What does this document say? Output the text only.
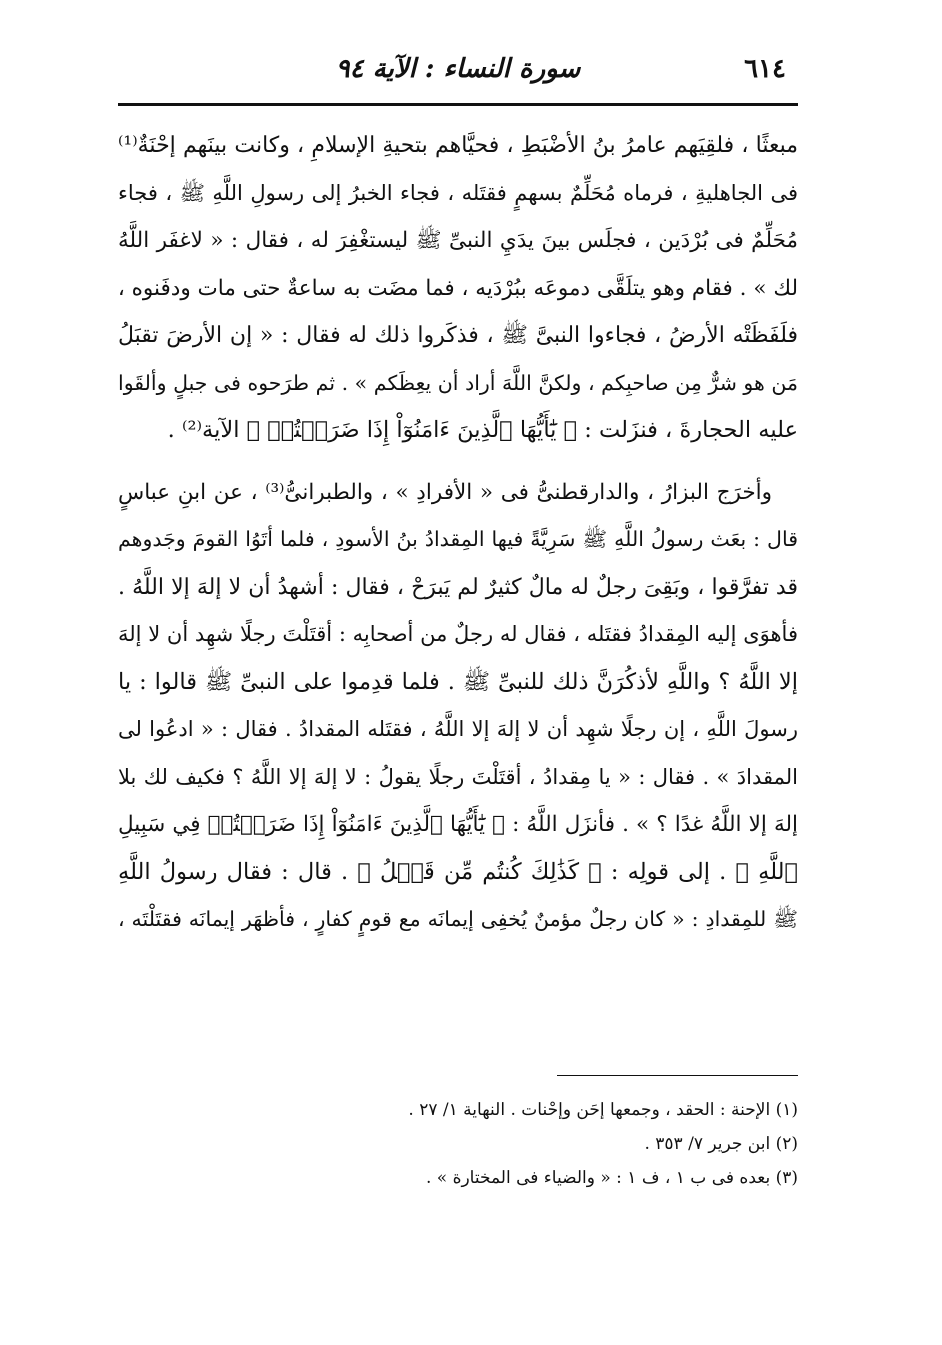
٦١٤
سورة النساء : الآية ٩٤
مبعثًا ، فلقِيَهم عامرُ بنُ الأضْبَطِ ، فحيَّاهم بتحيةِ الإسلامِ ، وكانت بينَهم إحْنَةٌ⁽¹⁾
فى الجاهليةِ ، فرماه مُحَلِّمٌ بسهمٍ فقتَله ، فجاء الخبرُ إلى رسولِ اللَّهِ ﷺ ، فجاء
مُحَلِّمٌ فى بُرْدَين ، فجلَس بينَ يدَيِ النبىِّ ﷺ ليستغْفِرَ له ، فقال : « لاغفَر اللَّهُ
لك » . فقام وهو يتلَقَّى دموعَه ببُرْدَيه ، فما مضَت به ساعةٌ حتى مات ودفَنوه ،
فلَفَظَتْه الأرضُ ، فجاءوا النبىَّ ﷺ ، فذكَروا ذلك له فقال : « إن الأرضَ تقبَلُ
مَن هو شرٌّ مِن صاحبِكم ، ولكنَّ اللَّهَ أراد أن يعِظَكم » . ثم طرَحوه فى جبلٍ وألقَوا
عليه الحجارةَ ، فنزَلت : ﴿ يَٰٓأَيُّهَا ٱلَّذِينَ ءَامَنُوٓاْ إِذَا ضَرَبۡتُمۡ ﴾ الآية⁽²⁾ .
وأخرَج البزارُ ، والدارقطنىُّ فى « الأفرادِ » ، والطبرانىُّ⁽³⁾ ، عن ابنِ عباسٍ
قال : بعَث رسولُ اللَّهِ ﷺ سَرِيَّةً فيها المِقدادُ بنُ الأسودِ ، فلما أتَوُا القومَ وجَدوهم
قد تفرَّقوا ، وبَقِىَ رجلٌ له مالٌ كثيرٌ لم يَبرَحْ ، فقال : أشهدُ أن لا إلهَ إلا اللَّهُ .
فأهوَى إليه المِقدادُ فقتَله ، فقال له رجلٌ من أصحابِه : أقتَلْتَ رجلًا شهِد أن لا إلهَ
إلا اللَّهُ ؟ واللَّهِ لأذكُرَنَّ ذلك للنبىِّ ﷺ . فلما قدِموا على النبىِّ ﷺ قالوا : يا
رسولَ اللَّهِ ، إن رجلًا شهِد أن لا إلهَ إلا اللَّهُ ، فقتَله المقدادُ . فقال : « ادعُوا لى
المقدادَ » . فقال : « يا مِقدادُ ، أقتَلْتَ رجلًا يقولُ : لا إلهَ إلا اللَّهُ ؟ فكيف لك بلا
إلهَ إلا اللَّهُ غدًا ؟ » . فأنزَل اللَّهُ : ﴿ يَٰٓأَيُّهَا ٱلَّذِينَ ءَامَنُوٓاْ إِذَا ضَرَبۡتُمۡ فِي سَبِيلِ
ٱللَّهِ ﴾ . إلى قولِه : ﴿ كَذَٰلِكَ كُنتُم مِّن قَبۡلُ ﴾ . قال : فقال رسولُ اللَّهِ
ﷺ للمِقدادِ : « كان رجلٌ مؤمنٌ يُخفِى إيمانَه مع قومٍ كفارٍ ، فأظهَر إيمانَه فقتَلْتَه ،
(١) الإحنة : الحقد ، وجمعها إحَن وإحْنات . النهاية ١/ ٢٧ .
(٢) ابن جرير ٧/ ٣٥٣ .
(٣) بعده فى ب ١ ، ف ١ : « والضياء فى المختارة » .
